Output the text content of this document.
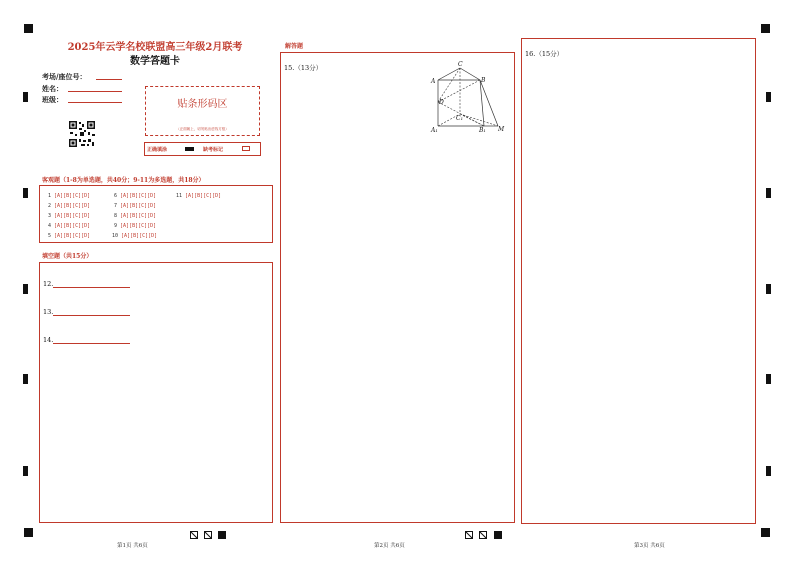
2025年云学名校联盟高三年级2月联考
数学答题卡
考场/座位号：
姓名：
班级：	贴条形码区
（正面朝上，切勿贴出虚线方框）
正确填涂	缺考标记
客观题（1-8为单选题，共40分；9-11为多选题，共18分）
1 [A][B][C][D]
2 [A][B][C][D]
3 [A][B][C][D]
4 [A][B][C][D]
5 [A][B][C][D]
6 [A][B][C][D]
7 [A][B][C][D]
8 [A][B][C][D]
9 [A][B][C][D]
10 [A][B][C][D]
11 [A][B][C][D]
填空题（共15分）
12.
13.
14.
解答题
15.（13分）	C
A	B
D
C₁
A₁	B₁ M
16.（15分）
第1页 共6页	第2页 共6页	第3页 共6页
